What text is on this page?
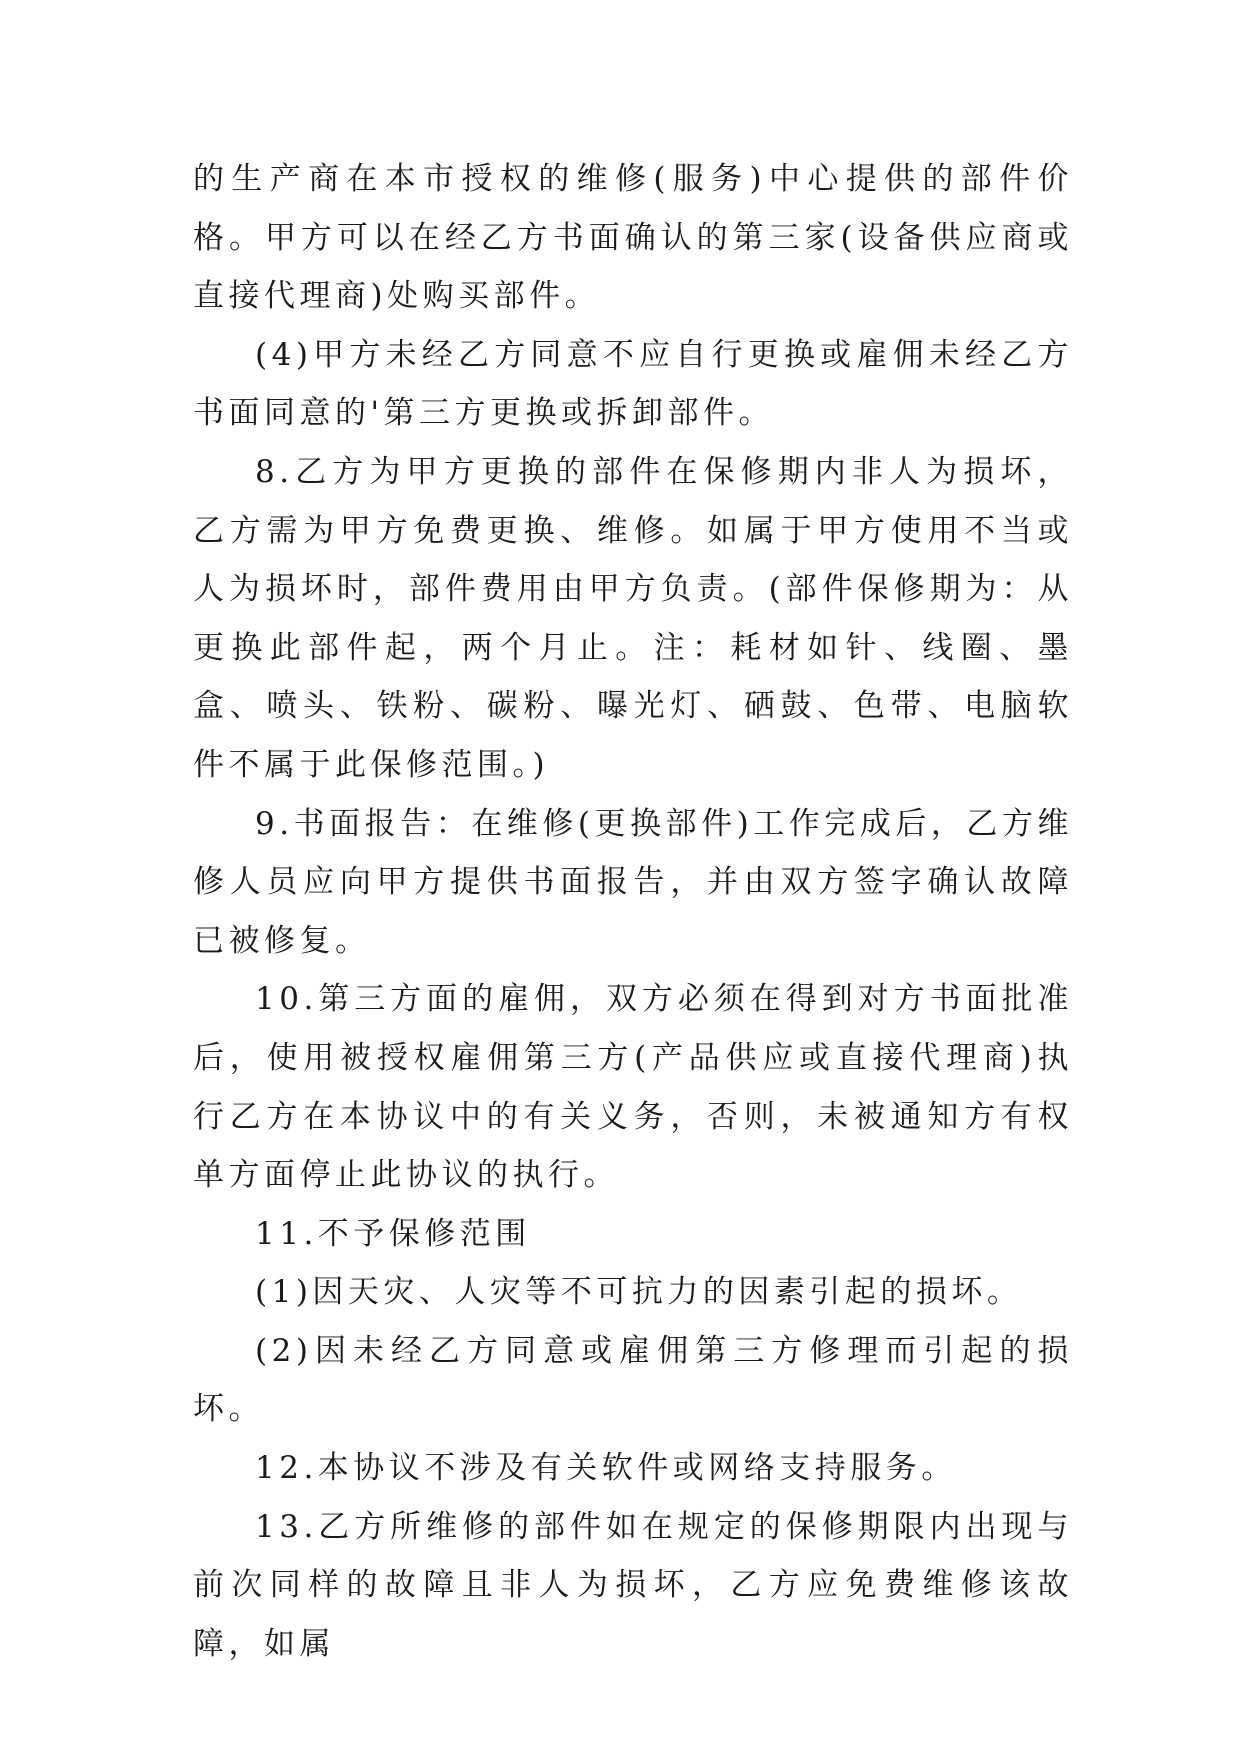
的生产商在本市授权的维修(服务)中心提供的部件价格。甲方可以在经乙方书面确认的第三家(设备供应商或直接代理商)处购买部件。

(4)甲方未经乙方同意不应自行更换或雇佣未经乙方书面同意的'第三方更换或拆卸部件。

8.乙方为甲方更换的部件在保修期内非人为损坏，乙方需为甲方免费更换、维修。如属于甲方使用不当或人为损坏时，部件费用由甲方负责。(部件保修期为：从更换此部件起，两个月止。注：耗材如针、线圈、墨盒、喷头、铁粉、碳粉、曝光灯、硒鼓、色带、电脑软件不属于此保修范围。)

9.书面报告：在维修(更换部件)工作完成后，乙方维修人员应向甲方提供书面报告，并由双方签字确认故障已被修复。

10.第三方面的雇佣，双方必须在得到对方书面批准后，使用被授权雇佣第三方(产品供应或直接代理商)执行乙方在本协议中的有关义务，否则，未被通知方有权单方面停止此协议的执行。

11.不予保修范围

(1)因天灾、人灾等不可抗力的因素引起的损坏。

(2)因未经乙方同意或雇佣第三方修理而引起的损坏。

12.本协议不涉及有关软件或网络支持服务。

13.乙方所维修的部件如在规定的保修期限内出现与前次同样的故障且非人为损坏，乙方应免费维修该故障，如属
